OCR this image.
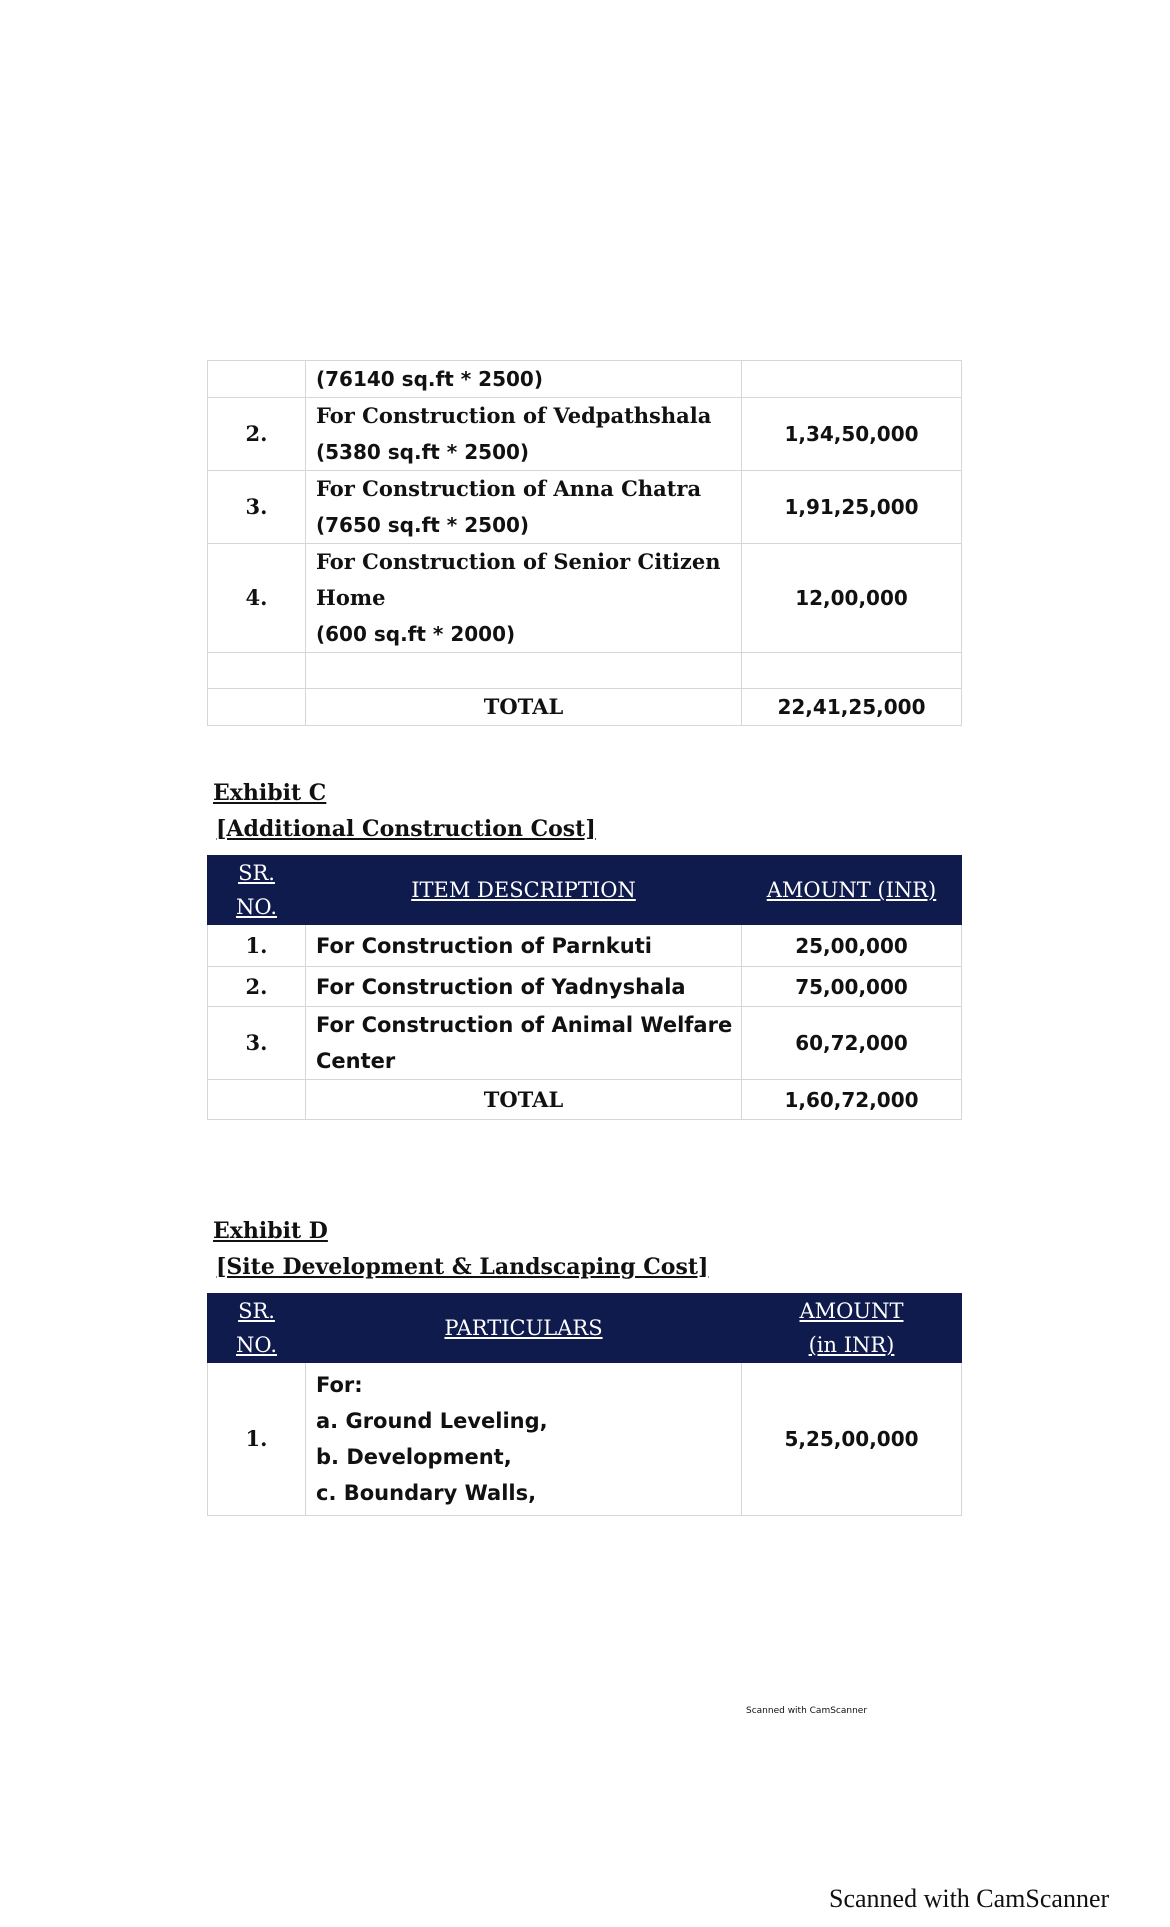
	(76140 sq.ft * 2500)	

2.	For Construction of Vedpathshala
(5380 sq.ft * 2500)	1,34,50,000
3.	For Construction of Anna Chatra
(7650 sq.ft * 2500)	1,91,25,000
4.	For Construction of Senior Citizen
Home
(600 sq.ft * 2000)	12,00,000

	TOTAL	22,41,25,000
Exhibit C
[Additional Construction Cost]
SR.
NO.	ITEM DESCRIPTION	AMOUNT (INR)
1.	For Construction of Parnkuti	25,00,000
2.	For Construction of Yadnyshala	75,00,000
3.	For Construction of Animal Welfare
Center	60,72,000
	TOTAL	1,60,72,000
Exhibit D
[Site Development & Landscaping Cost]
SR.
NO.	PARTICULARS	AMOUNT
(in INR)

1.	For:
a. Ground Leveling,
b. Development,
c. Boundary Walls,	5,25,00,000
Scanned with CamScanner
Scanned with CamScanner
